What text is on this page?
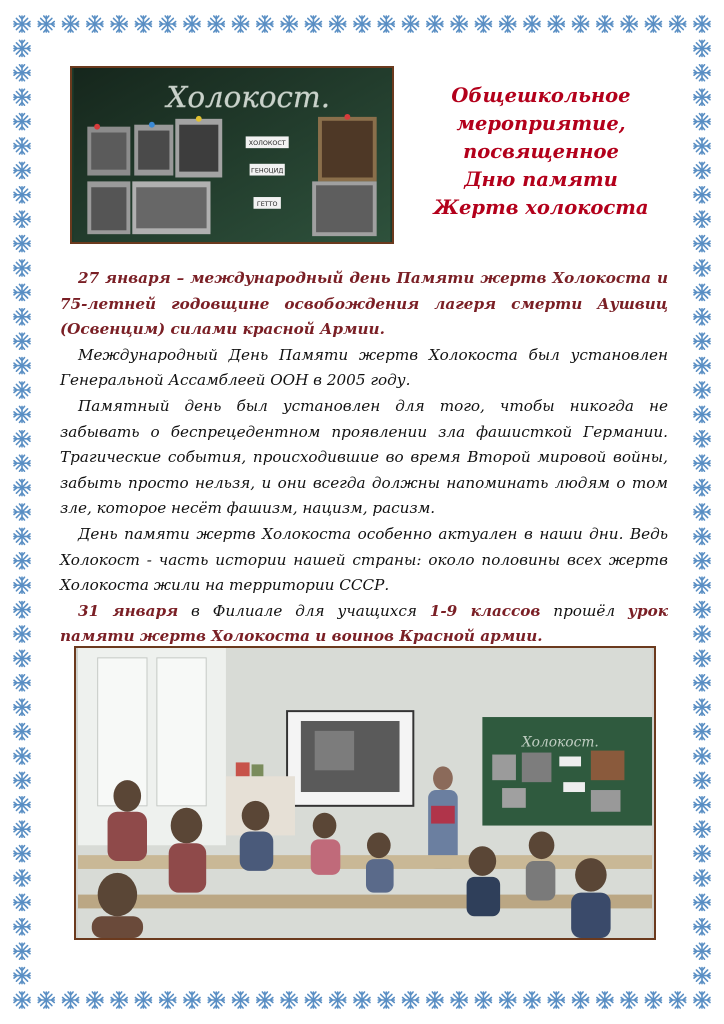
Холокост.
ХОЛОКОСТ
ГЕНОЦИД
ГЕТТО
Общешкольное
мероприятие,
посвященное
Дню памяти
Жертв холокоста

27 января – международный день Памяти жертв Холокоста и 75-летней годовщине освобождения лагеря смерти Аушвиц (Освенцим) силами красной Армии.

Международный День Памяти жертв Холокоста был установлен Генеральной Ассамблеей ООН в 2005 году.

Памятный день был установлен для того, чтобы никогда не забывать о беспрецедентном проявлении зла фашисткой Германии. Трагические события, происходившие во время Второй мировой войны, забыть просто нельзя, и они всегда должны напоминать людям о том зле, которое несёт фашизм, нацизм, расизм.

День памяти жертв Холокоста особенно актуален в наши дни. Ведь Холокост - часть истории нашей страны: около половины всех жертв Холокоста жили на территории СССР.

31 января в Филиале для учащихся 1-9 классов прошёл урок памяти жертв Холокоста и воинов Красной армии.

Холокост.
